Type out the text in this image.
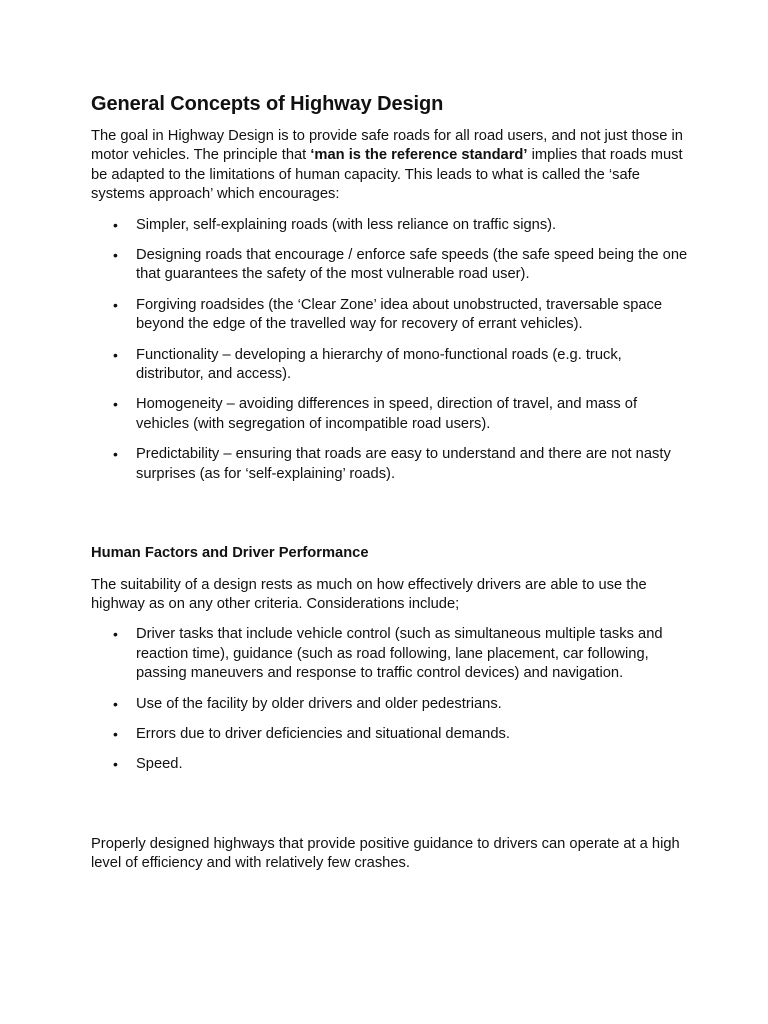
General Concepts of Highway Design

The goal in Highway Design is to provide safe roads for all road users, and not just those in motor vehicles. The principle that ‘man is the reference standard’ implies that roads must be adapted to the limitations of human capacity. This leads to what is called the ‘safe systems approach’ which encourages:

• Simpler, self-explaining roads (with less reliance on traffic signs).
• Designing roads that encourage / enforce safe speeds (the safe speed being the one that guarantees the safety of the most vulnerable road user).
• Forgiving roadsides (the ‘Clear Zone’ idea about unobstructed, traversable space beyond the edge of the travelled way for recovery of errant vehicles).
• Functionality – developing a hierarchy of mono-functional roads (e.g. truck, distributor, and access).
• Homogeneity – avoiding differences in speed, direction of travel, and mass of vehicles (with segregation of incompatible road users).
• Predictability – ensuring that roads are easy to understand and there are not nasty surprises (as for ‘self-explaining’ roads).
Human Factors and Driver Performance

The suitability of a design rests as much on how effectively drivers are able to use the highway as on any other criteria. Considerations include;

• Driver tasks that include vehicle control (such as simultaneous multiple tasks and reaction time), guidance (such as road following, lane placement, car following, passing maneuvers and response to traffic control devices) and navigation.
• Use of the facility by older drivers and older pedestrians.
• Errors due to driver deficiencies and situational demands.
• Speed.

Properly designed highways that provide positive guidance to drivers can operate at a high level of efficiency and with relatively few crashes.
